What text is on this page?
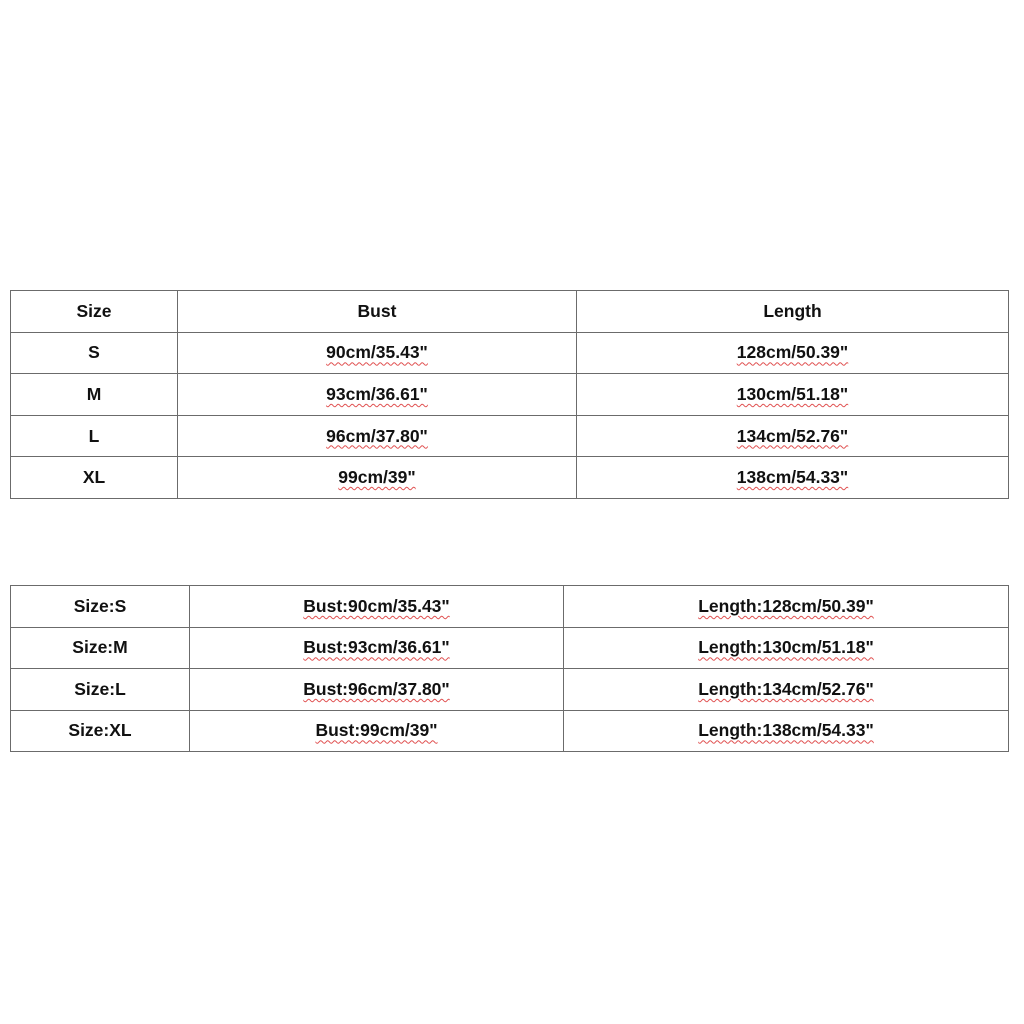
Size	Bust	Length
S	90cm/35.43"	128cm/50.39"
M	93cm/36.61"	130cm/51.18"
L	96cm/37.80"	134cm/52.76"
XL	99cm/39"	138cm/54.33"
Size:S	Bust:90cm/35.43"	Length:128cm/50.39"
Size:M	Bust:93cm/36.61"	Length:130cm/51.18"
Size:L	Bust:96cm/37.80"	Length:134cm/52.76"
Size:XL	Bust:99cm/39"	Length:138cm/54.33"
